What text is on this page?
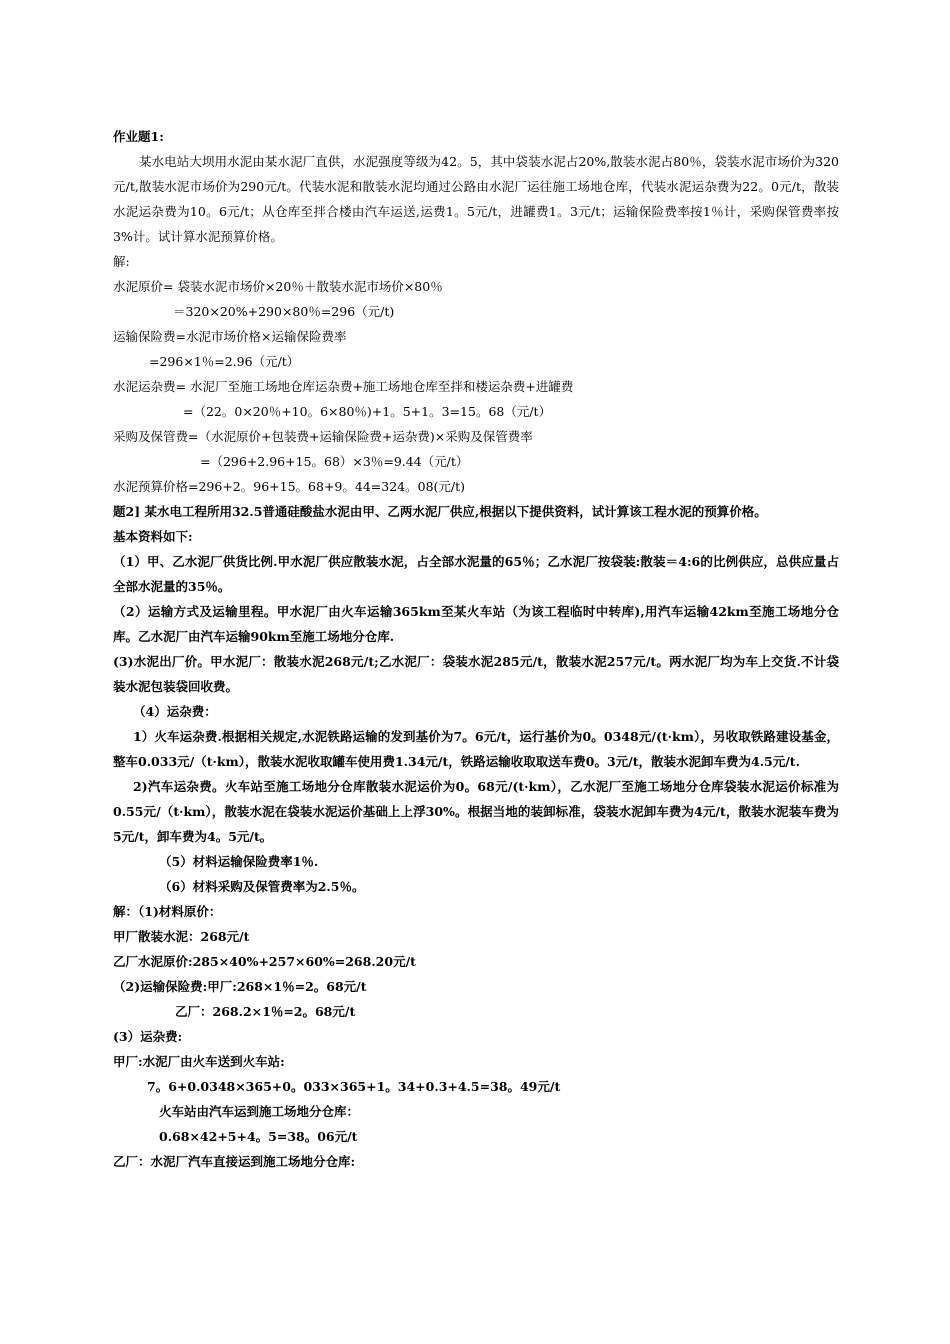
作业题1:
某水电站大坝用水泥由某水泥厂直供，水泥强度等级为42。5，其中袋装水泥占20%,散装水泥占80％，袋装水泥市场价为320元/t,散装水泥市场价为290元/t。代装水泥和散装水泥均通过公路由水泥厂运往施工场地仓库，代装水泥运杂费为22。0元/t，散装水泥运杂费为10。6元/t；从仓库至拌合楼由汽车运送,运费1。5元/t，进罐费1。3元/t；运输保险费率按1％计，采购保管费率按3%计。试计算水泥预算价格。
解:
水泥原价= 袋装水泥市场价×20％＋散装水泥市场价×80％
＝320×20%+290×80％=296（元/t)
运输保险费=水泥市场价格×运输保险费率
=296×1％=2.96（元/t）
水泥运杂费= 水泥厂至施工场地仓库运杂费+施工场地仓库至拌和楼运杂费+进罐费
=（22。0×20％+10。6×80％)+1。5+1。3=15。68（元/t）
采购及保管费=（水泥原价+包装费+运输保险费+运杂费)×采购及保管费率
=（296+2.96+15。68）×3％=9.44（元/t）
水泥预算价格=296+2。96+15。68+9。44=324。08(元/t)
题2] 某水电工程所用32.5普通硅酸盐水泥由甲、乙两水泥厂供应,根据以下提供资料，试计算该工程水泥的预算价格。
基本资料如下:
（1）甲、乙水泥厂供货比例.甲水泥厂供应散装水泥，占全部水泥量的65％；乙水泥厂按袋装:散装＝4:6的比例供应，总供应量占全部水泥量的35％。
（2）运输方式及运输里程。甲水泥厂由火车运输365km至某火车站（为该工程临时中转库),用汽车运输42km至施工场地分仓库。乙水泥厂由汽车运输90km至施工场地分仓库.
(3)水泥出厂价。甲水泥厂：散装水泥268元/t;乙水泥厂：袋装水泥285元/t，散装水泥257元/t。两水泥厂均为车上交货.不计袋装水泥包装袋回收费。
（4）运杂费：
1）火车运杂费.根据相关规定,水泥铁路运输的发到基价为7。6元/t，运行基价为0。0348元/(t·km），另收取铁路建设基金，整车0.033元/（t·km），散装水泥收取罐车使用费1.34元/t，铁路运输收取取送车费0。3元/t，散装水泥卸车费为4.5元/t.
2)汽车运杂费。火车站至施工场地分仓库散装水泥运价为0。68元/(t·km），乙水泥厂至施工场地分仓库袋装水泥运价标准为0.55元/（t·km），散装水泥在袋装水泥运价基础上上浮30%。根据当地的装卸标准，袋装水泥卸车费为4元/t，散装水泥装车费为5元/t，卸车费为4。5元/t。
（5）材料运输保险费率1％.
（6）材料采购及保管费率为2.5％。
解：（1)材料原价：
甲厂散装水泥：268元/t
乙厂水泥原价:285×40%+257×60%=268.20元/t
（2)运输保险费:甲厂:268×1％=2。68元/t
乙厂：268.2×1％=2。68元/t
(3）运杂费:
甲厂:水泥厂由火车送到火车站:
7。6+0.0348×365+0。033×365+1。34+0.3+4.5=38。49元/t
火车站由汽车运到施工场地分仓库：
0.68×42+5+4。5=38。06元/t
乙厂：水泥厂汽车直接运到施工场地分仓库:
